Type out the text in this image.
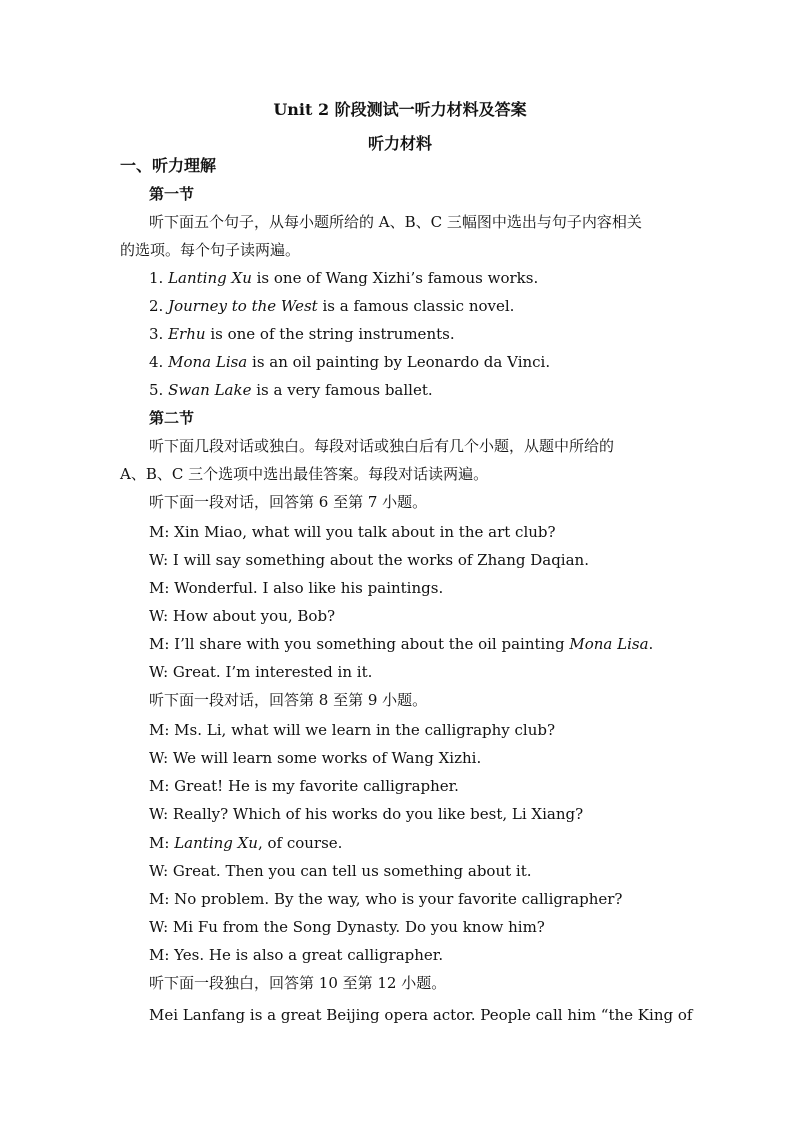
Unit 2 阶段测试一听力材料及答案
听力材料
一、听力理解
第一节
听下面五个句子，从每小题所给的 A、B、C 三幅图中选出与句子内容相关
的选项。每个句子读两遍。
1. Lanting Xu is one of Wang Xizhi’s famous works.
2. Journey to the West is a famous classic novel.
3. Erhu is one of the string instruments.
4. Mona Lisa is an oil painting by Leonardo da Vinci.
5. Swan Lake is a very famous ballet.
第二节
听下面几段对话或独白。每段对话或独白后有几个小题，从题中所给的
A、B、C 三个选项中选出最佳答案。每段对话读两遍。
听下面一段对话，回答第 6 至第 7 小题。
M: Xin Miao, what will you talk about in the art club?
W: I will say something about the works of Zhang Daqian.
M: Wonderful. I also like his paintings.
W: How about you, Bob?
M: I’ll share with you something about the oil painting Mona Lisa.
W: Great. I’m interested in it.
听下面一段对话，回答第 8 至第 9 小题。
M: Ms. Li, what will we learn in the calligraphy club?
W: We will learn some works of Wang Xizhi.
M: Great! He is my favorite calligrapher.
W: Really? Which of his works do you like best, Li Xiang?
M: Lanting Xu, of course.
W: Great. Then you can tell us something about it.
M: No problem. By the way, who is your favorite calligrapher?
W: Mi Fu from the Song Dynasty. Do you know him?
M: Yes. He is also a great calligrapher.
听下面一段独白，回答第 10 至第 12 小题。
Mei Lanfang is a great Beijing opera actor. People call him “the King of
